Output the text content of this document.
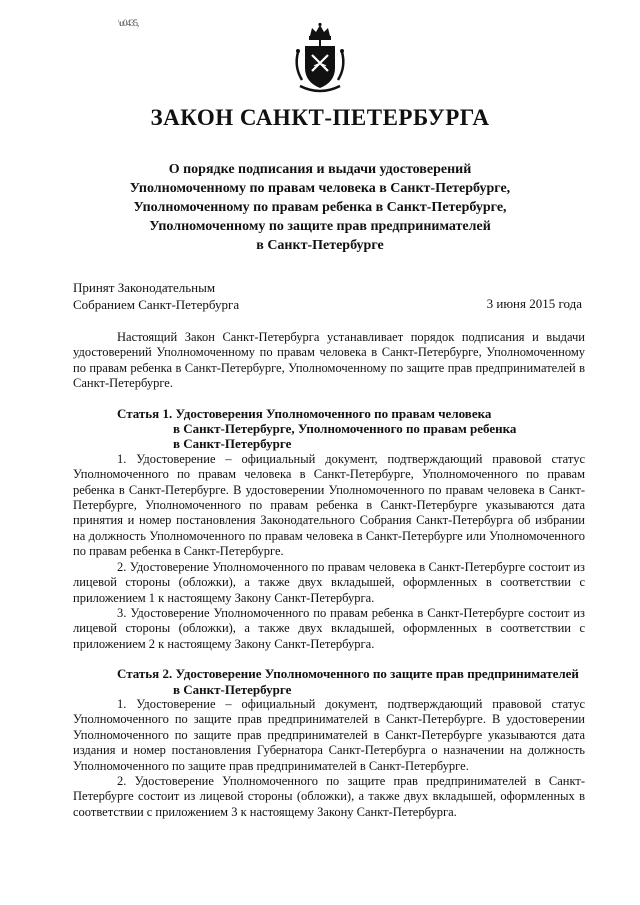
\u0435,
ЗАКОН САНКТ-ПЕТЕРБУРГА
О порядке подписания и выдачи удостоверений
Уполномоченному по правам человека в Санкт-Петербурге,
Уполномоченному по правам ребенка в Санкт-Петербурге,
Уполномоченному по защите прав предпринимателей
в Санкт-Петербурге
Принят Законодательным
Собранием Санкт-Петербурга	3 июня 2015 года

Настоящий Закон Санкт-Петербурга устанавливает порядок подписания и выдачи удостоверений Уполномоченному по правам человека в Санкт-Петербурге, Уполномоченному по правам ребенка в Санкт-Петербурге, Уполномоченному по защите прав предпринимателей в Санкт-Петербурге.

Статья 1. Удостоверения Уполномоченного по правам человека
в Санкт-Петербурге, Уполномоченного по правам ребенка
в Санкт-Петербурге

1. Удостоверение – официальный документ, подтверждающий правовой статус Уполномоченного по правам человека в Санкт-Петербурге, Уполномоченного по правам ребенка в Санкт-Петербурге. В удостоверении Уполномоченного по правам человека в Санкт-Петербурге, Уполномоченного по правам ребенка в Санкт-Петербурге указываются дата принятия и номер постановления Законодательного Собрания Санкт-Петербурга об избрании на должность Уполномоченного по правам человека в Санкт-Петербурге или Уполномоченного по правам ребенка в Санкт-Петербурге.

2. Удостоверение Уполномоченного по правам человека в Санкт-Петербурге состоит из лицевой стороны (обложки), а также двух вкладышей, оформленных в соответствии с приложением 1 к настоящему Закону Санкт-Петербурга.

3. Удостоверение Уполномоченного по правам ребенка в Санкт-Петербурге состоит из лицевой стороны (обложки), а также двух вкладышей, оформленных в соответствии с приложением 2 к настоящему Закону Санкт-Петербурга.

Статья 2. Удостоверение Уполномоченного по защите прав предпринимателей
в Санкт-Петербурге

1. Удостоверение – официальный документ, подтверждающий правовой статус Уполномоченного по защите прав предпринимателей в Санкт-Петербурге. В удостоверении Уполномоченного по защите прав предпринимателей в Санкт-Петербурге указываются дата издания и номер постановления Губернатора Санкт-Петербурга о назначении на должность Уполномоченного по защите прав предпринимателей в Санкт-Петербурге.

2. Удостоверение Уполномоченного по защите прав предпринимателей в Санкт-Петербурге состоит из лицевой стороны (обложки), а также двух вкладышей, оформленных в соответствии с приложением 3 к настоящему Закону Санкт-Петербурга.
